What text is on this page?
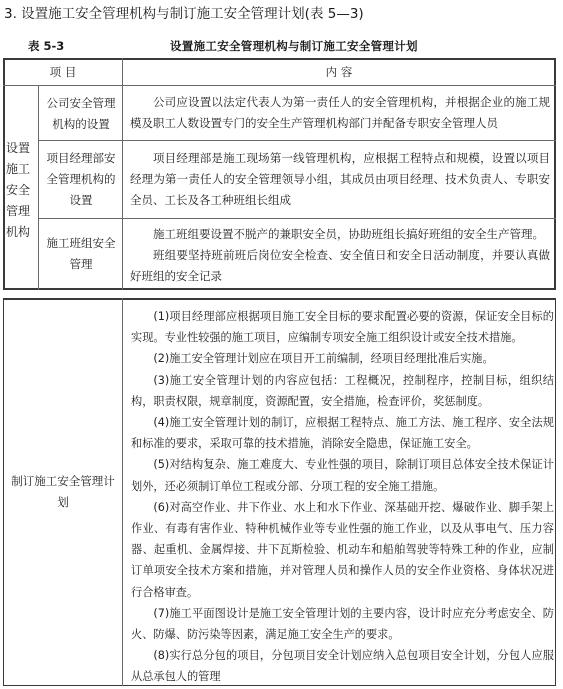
3. 设置施工安全管理机构与制订施工安全管理计划(表 5—3)
表 5-3	设置施工安全管理机构与制订施工安全管理计划
项 目	内 容
设置施工安全管理机构
公司安全管理机构的设置

公司应设置以法定代表人为第一责任人的安全管理机构，并根据企业的施工规模及职工人数设置专门的安全生产管理机构部门并配备专职安全管理人员

项目经理部安全管理机构的设置

项目经理部是施工现场第一线管理机构，应根据工程特点和规模，设置以项目经理为第一责任人的安全管理领导小组，其成员由项目经理、技术负责人、专职安全员、工长及各工种班组长组成

施工班组安全管理

施工班组要设置不脱产的兼职安全员，协助班组长搞好班组的安全生产管理。

班组要坚持班前班后岗位安全检查、安全值日和安全日活动制度，并要认真做好班组的安全记录

制订施工安全管理计划

(1)项目经理部应根据项目施工安全目标的要求配置必要的资源，保证安全目标的实现。专业性较强的施工项目，应编制专项安全施工组织设计或安全技术措施。

(2)施工安全管理计划应在项目开工前编制，经项目经理批准后实施。

(3)施工安全管理计划的内容应包括：工程概况，控制程序，控制目标，组织结构，职责权限，规章制度，资源配置，安全措施，检查评价，奖惩制度。

(4)施工安全管理计划的制订，应根据工程特点、施工方法、施工程序、安全法规和标准的要求，采取可靠的技术措施，消除安全隐患，保证施工安全。

(5)对结构复杂、施工难度大、专业性强的项目，除制订项目总体安全技术保证计划外，还必须制订单位工程或分部、分项工程的安全施工措施。

(6)对高空作业、井下作业、水上和水下作业、深基础开挖、爆破作业、脚手架上作业、有毒有害作业、特种机械作业等专业性强的施工作业，以及从事电气、压力容器、起重机、金属焊接、井下瓦斯检验、机动车和船舶驾驶等特殊工种的作业，应制订单项安全技术方案和措施，并对管理人员和操作人员的安全作业资格、身体状况进行合格审查。

(7)施工平面图设计是施工安全管理计划的主要内容，设计时应充分考虑安全、防火、防爆、防污染等因素，满足施工安全生产的要求。

(8)实行总分包的项目，分包项目安全计划应纳入总包项目安全计划，分包人应服从总承包人的管理
